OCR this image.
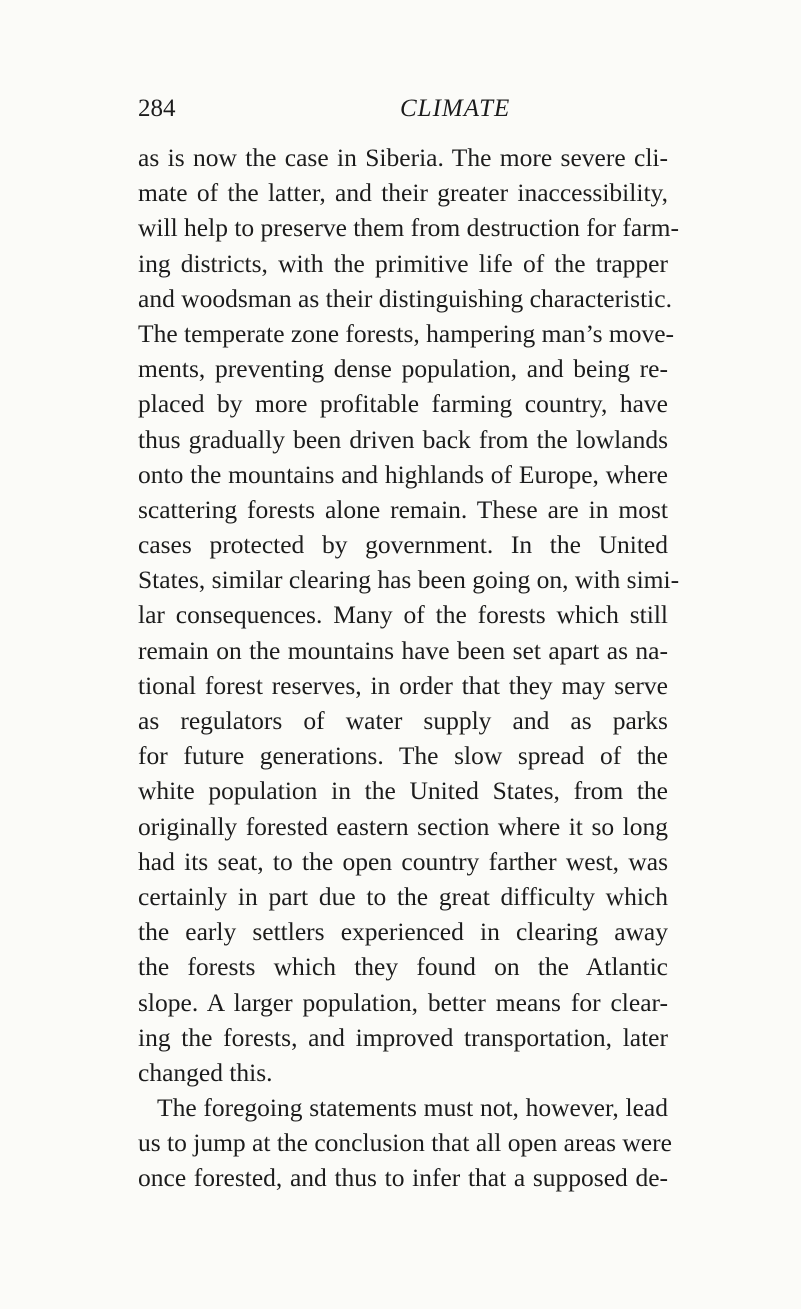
284	CLIMATE
as is now the case in Siberia. The more severe cli-
mate of the latter, and their greater inaccessibility,
will help to preserve them from destruction for farm-
ing districts, with the primitive life of the trapper
and woodsman as their distinguishing characteristic.
The temperate zone forests, hampering man’s move-
ments, preventing dense population, and being re-
placed by more profitable farming country, have
thus gradually been driven back from the lowlands
onto the mountains and highlands of Europe, where
scattering forests alone remain. These are in most
cases protected by government. In the United
States, similar clearing has been going on, with simi-
lar consequences. Many of the forests which still
remain on the mountains have been set apart as na-
tional forest reserves, in order that they may serve
as regulators of water supply and as parks
for future generations. The slow spread of the
white population in the United States, from the
originally forested eastern section where it so long
had its seat, to the open country farther west, was
certainly in part due to the great difficulty which
the early settlers experienced in clearing away
the forests which they found on the Atlantic
slope. A larger population, better means for clear-
ing the forests, and improved transportation, later
changed this.
The foregoing statements must not, however, lead
us to jump at the conclusion that all open areas were
once forested, and thus to infer that a supposed de-
